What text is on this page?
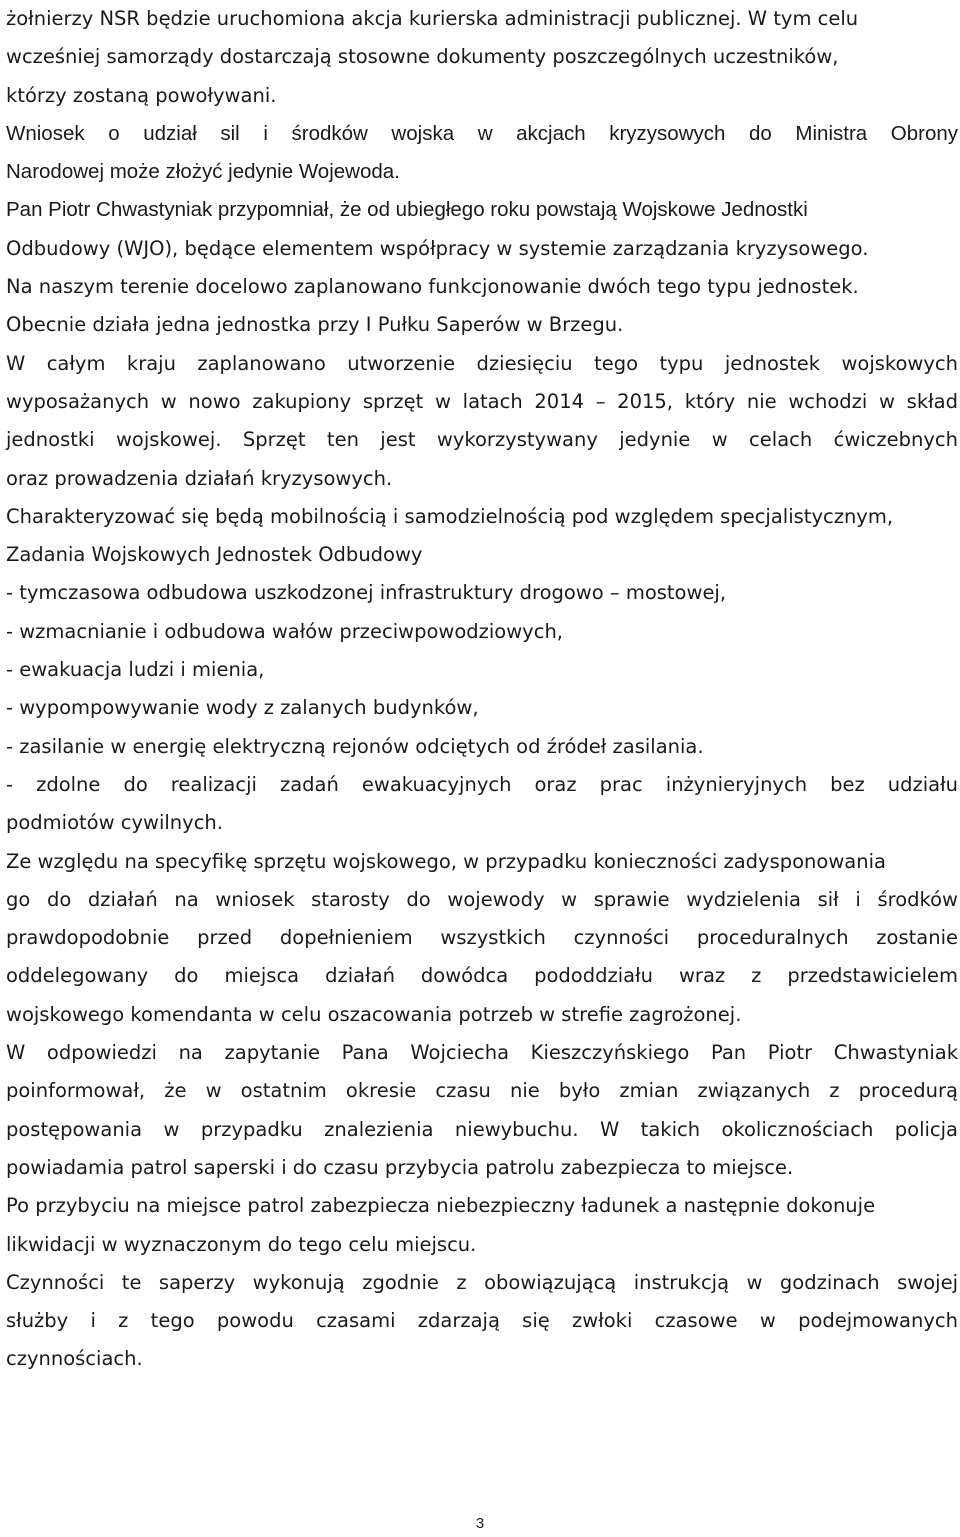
żołnierzy NSR będzie uruchomiona akcja kurierska administracji publicznej. W tym celu
wcześniej samorządy dostarczają stosowne dokumenty poszczególnych uczestników,
którzy zostaną powoływani.
Wniosek o udział sil i środków wojska w akcjach kryzysowych do Ministra Obrony
Narodowej może złożyć jedynie Wojewoda.
Pan Piotr Chwastyniak przypomniał, że od ubiegłego roku powstają Wojskowe Jednostki
Odbudowy (WJO), będące elementem współpracy w systemie zarządzania kryzysowego.
Na naszym terenie docelowo zaplanowano funkcjonowanie dwóch tego typu jednostek.
Obecnie działa jedna jednostka przy I Pułku Saperów w Brzegu.
W całym kraju zaplanowano utworzenie dziesięciu tego typu jednostek wojskowych
wyposażanych w nowo zakupiony sprzęt w latach 2014 – 2015, który nie wchodzi w skład
jednostki wojskowej. Sprzęt ten jest wykorzystywany jedynie w celach ćwiczebnych
oraz prowadzenia działań kryzysowych.
Charakteryzować się będą mobilnością i samodzielnością pod względem specjalistycznym,
Zadania Wojskowych Jednostek Odbudowy
- tymczasowa odbudowa uszkodzonej infrastruktury drogowo – mostowej,
- wzmacnianie i odbudowa wałów przeciwpowodziowych,
- ewakuacja ludzi i mienia,
- wypompowywanie wody z zalanych budynków,
- zasilanie w energię elektryczną rejonów odciętych od źródeł zasilania.
- zdolne do realizacji zadań ewakuacyjnych oraz prac inżynieryjnych bez udziału
podmiotów cywilnych.
Ze względu na specyfikę sprzętu wojskowego, w przypadku konieczności zadysponowania
go do działań na wniosek starosty do wojewody w sprawie wydzielenia sił i środków
prawdopodobnie przed dopełnieniem wszystkich czynności proceduralnych zostanie
oddelegowany do miejsca działań dowódca pododdziału wraz z przedstawicielem
wojskowego komendanta w celu oszacowania potrzeb w strefie zagrożonej.
W odpowiedzi na zapytanie Pana Wojciecha Kieszczyńskiego Pan Piotr Chwastyniak
poinformował, że w ostatnim okresie czasu nie było zmian związanych z procedurą
postępowania w przypadku znalezienia niewybuchu. W takich okolicznościach policja
powiadamia patrol saperski i do czasu przybycia patrolu zabezpiecza to miejsce.
Po przybyciu na miejsce patrol zabezpiecza niebezpieczny ładunek a następnie dokonuje
likwidacji w wyznaczonym do tego celu miejscu.
Czynności te saperzy wykonują zgodnie z obowiązującą instrukcją w godzinach swojej
służby i z tego powodu czasami zdarzają się zwłoki czasowe w podejmowanych
czynnościach.
3
